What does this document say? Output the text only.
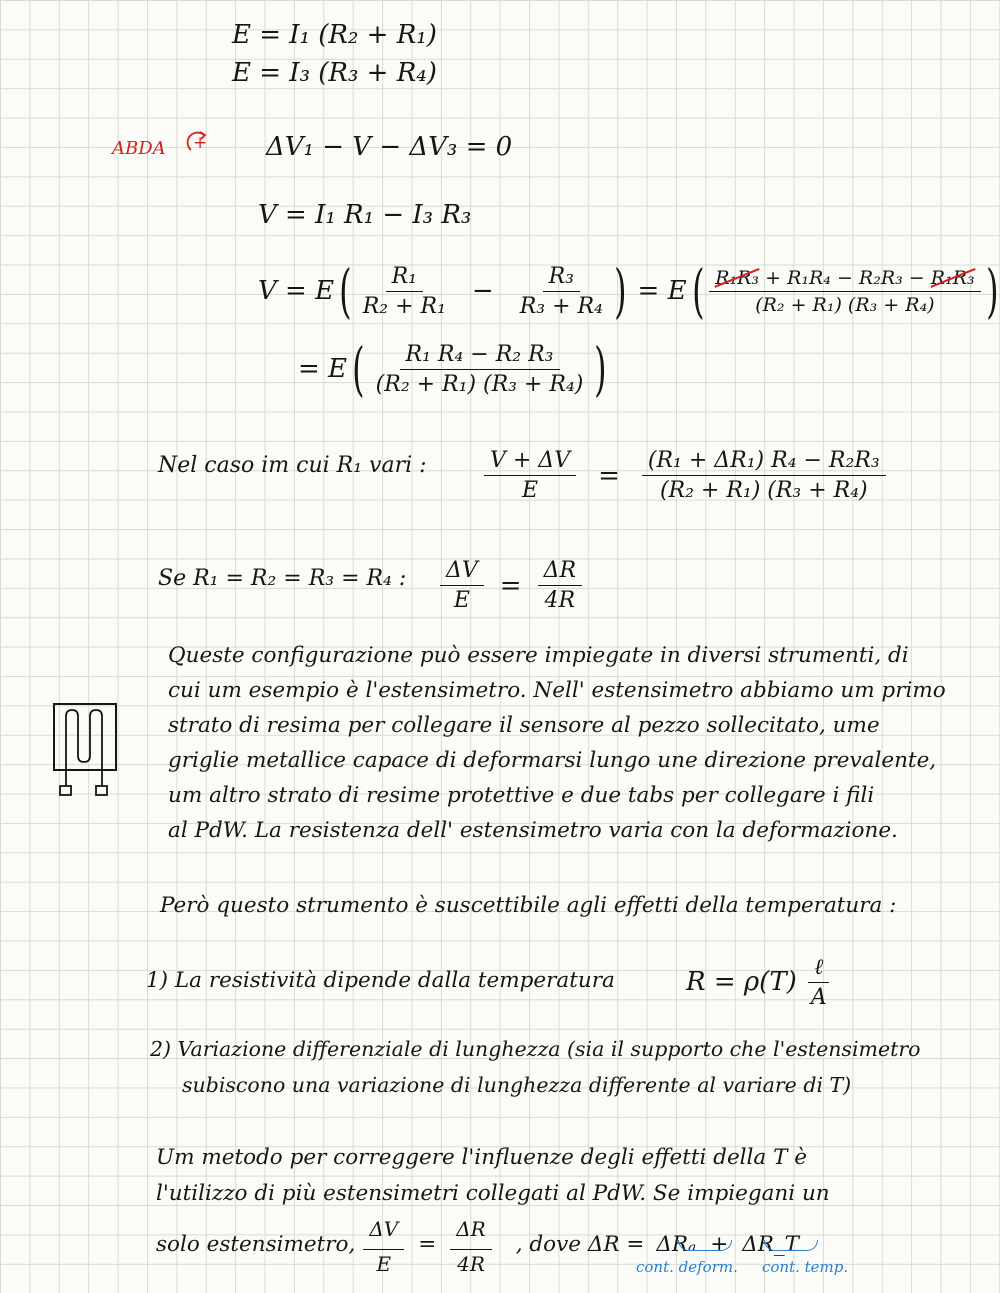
E = I₁ (R₂ + R₁)
E = I₃ (R₃ + R₄)
ABDA + ΔV₁ − V − ΔV₃ = 0
V = I₁ R₁ − I₃ R₃
V = E ( $\frac{\text{R₁}}{\text{R₂ + R₁}} - \frac{\text{R₃}}{\text{R₃ + R₄}}$ ) = E ( $\frac{\text{R₁R₃ + R₁R₄ − R₂R₃ − R₁R₃}}{\text{(R₂ + R₁) (R₃ + R₄)}}$ )
= E ( $\frac{\text{R₁ R₄ − R₂ R₃}}{\text{(R₂ + R₁) (R₃ + R₄)}}$ )
Nel caso im cui R₁ vari :	$\frac{V + \Delta V}{E} = \frac{\text{(R₁ + ΔR₁) R₄ − R₂R₃}}{\text{(R₂ + R₁) (R₃ + R₄)}}$
Se R₁ = R₂ = R₃ = R₄ : $\frac{\Delta V}{E} = \frac{\Delta R}{4R}$
Queste configurazione può essere impiegate in diversi strumenti, di
cui um esempio è l'estensimetro. Nell' estensimetro abbiamo um primo
strato di resima per collegare il sensore al pezzo sollecitato, ume
griglie metallice capace di deformarsi lungo une direzione prevalente,
um altro strato di resime protettive e due tabs per collegare i fili
al PdW. La resistenza dell' estensimetro varia con la deformazione.
Però questo strumento è suscettibile agli effetti della temperatura :
1) La resistività dipende dalla temperatura	$R = \rho(T) \frac{\text{ℓ}}{A}$
2) Variazione differenziale di lunghezza (sia il supporto che l'estensimetro
subiscono una variazione di lunghezza differente al variare di T)
Um metodo per correggere l'influenze degli effetti della T è
l'utilizzo di più estensimetri collegati al PdW. Se impiegani un
solo estensimetro, $\frac{\Delta V}{E} = \frac{\Delta R}{4R}$ , dove ΔR = ΔRₐ + ΔR_T
cont. deform. cont. temp.
